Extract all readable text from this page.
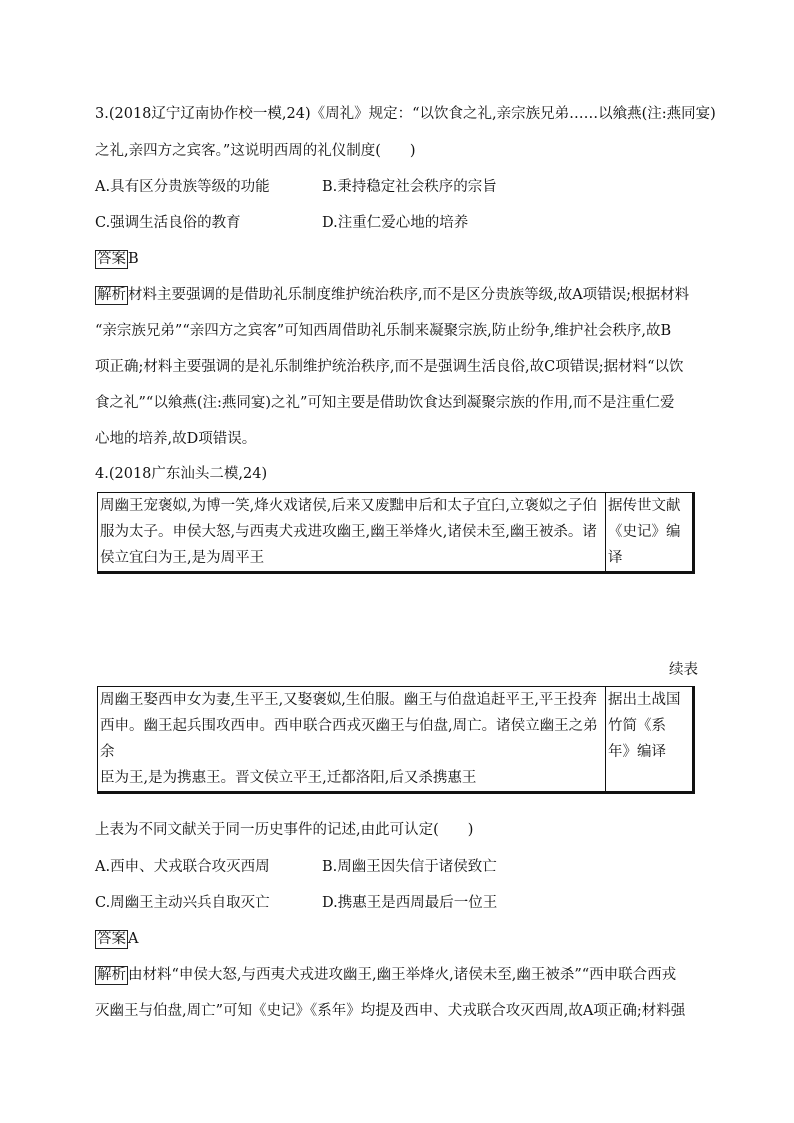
3.(2018辽宁辽南协作校一模,24)《周礼》规定：“以饮食之礼,亲宗族兄弟……以飨燕(注:燕同宴)
之礼,亲四方之宾客。”这说明西周的礼仪制度(　　)
A.具有区分贵族等级的功能	B.秉持稳定社会秩序的宗旨
C.强调生活良俗的教育	D.注重仁爱心地的培养
答案 B
解析 材料主要强调的是借助礼乐制度维护统治秩序,而不是区分贵族等级,故A项错误;根据材料
“亲宗族兄弟”“亲四方之宾客”可知西周借助礼乐制来凝聚宗族,防止纷争,维护社会秩序,故B
项正确;材料主要强调的是礼乐制维护统治秩序,而不是强调生活良俗,故C项错误;据材料“以饮
食之礼”“以飨燕(注:燕同宴)之礼”可知主要是借助饮食达到凝聚宗族的作用,而不是注重仁爱
心地的培养,故D项错误。
4.(2018广东汕头二模,24)
周幽王宠褒姒,为博一笑,烽火戏诸侯,后来又废黜申后和太子宜臼,立褒姒之子伯
服为太子。申侯大怒,与西夷犬戎进攻幽王,幽王举烽火,诸侯未至,幽王被杀。诸
侯立宜臼为王,是为周平王

据传世文献
《史记》编
译
续表
周幽王娶西申女为妻,生平王,又娶褒姒,生伯服。幽王与伯盘追赶平王,平王投奔
西申。幽王起兵围攻西申。西申联合西戎灭幽王与伯盘,周亡。诸侯立幽王之弟余
臣为王,是为携惠王。晋文侯立平王,迁都洛阳,后又杀携惠王

据出土战国
竹简《系
年》编译
上表为不同文献关于同一历史事件的记述,由此可认定(　　)
A.西申、犬戎联合攻灭西周	B.周幽王因失信于诸侯致亡
C.周幽王主动兴兵自取灭亡	D.携惠王是西周最后一位王
答案 A
解析 由材料“申侯大怒,与西夷犬戎进攻幽王,幽王举烽火,诸侯未至,幽王被杀”“西申联合西戎
灭幽王与伯盘,周亡”可知《史记》《系年》均提及西申、犬戎联合攻灭西周,故A项正确;材料强
